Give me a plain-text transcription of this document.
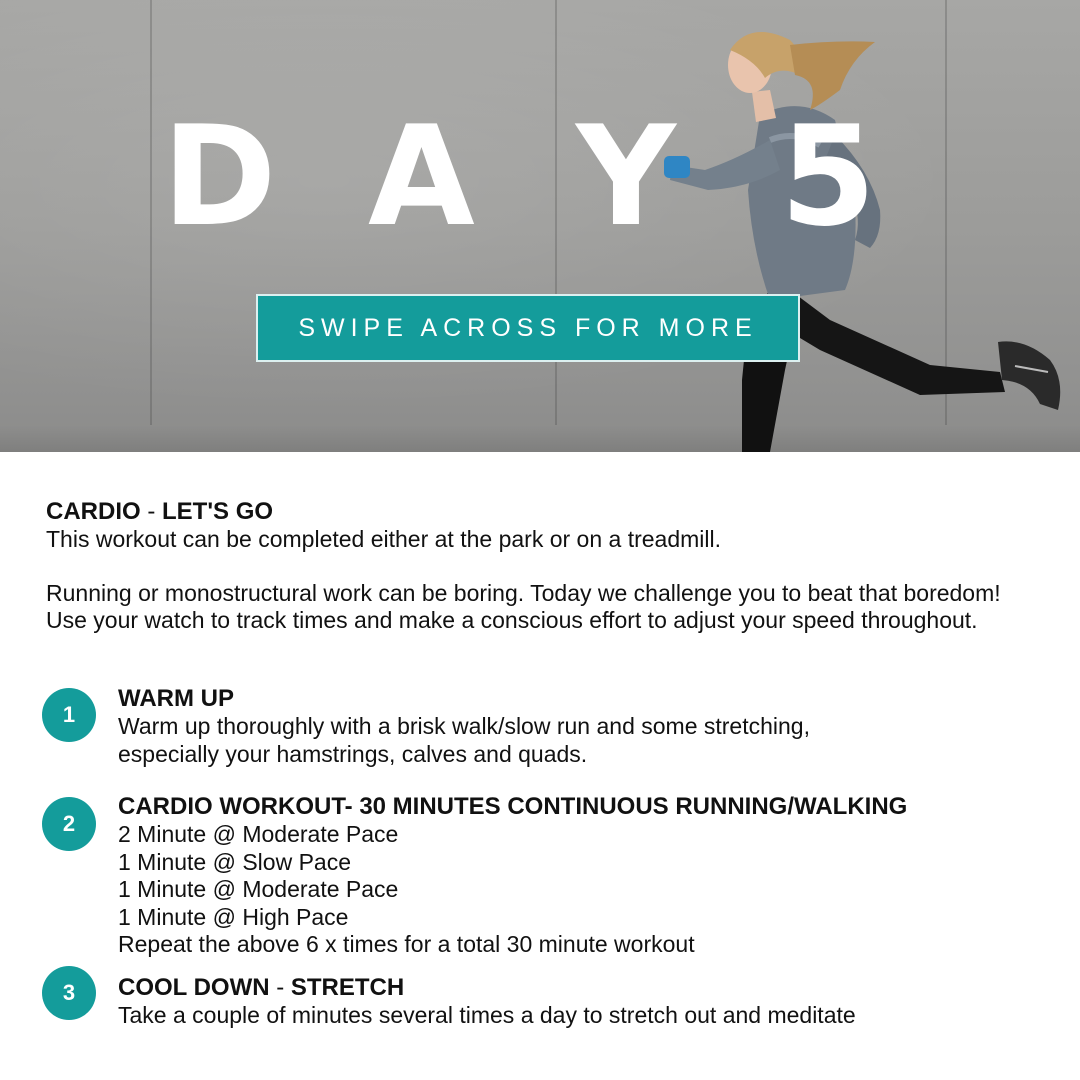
D A Y 5
SWIPE ACROSS FOR MORE
CARDIO - LET'S GO

This workout can be completed either at the park or on a treadmill.

Running or monostructural work can be boring. Today we challenge you to beat that boredom! Use your watch to track times and make a conscious effort to adjust your speed throughout.

1
WARM UP
Warm up thoroughly with a brisk walk/slow run and some stretching,
especially your hamstrings, calves and quads.
2
CARDIO WORKOUT- 30 MINUTES CONTINUOUS RUNNING/WALKING
2 Minute @ Moderate Pace
1 Minute @ Slow Pace
1 Minute @ Moderate Pace
1 Minute @ High Pace
Repeat the above 6 x times for a total 30 minute workout
3	COOL DOWN - STRETCH
Take a couple of minutes several times a day to stretch out and meditate
